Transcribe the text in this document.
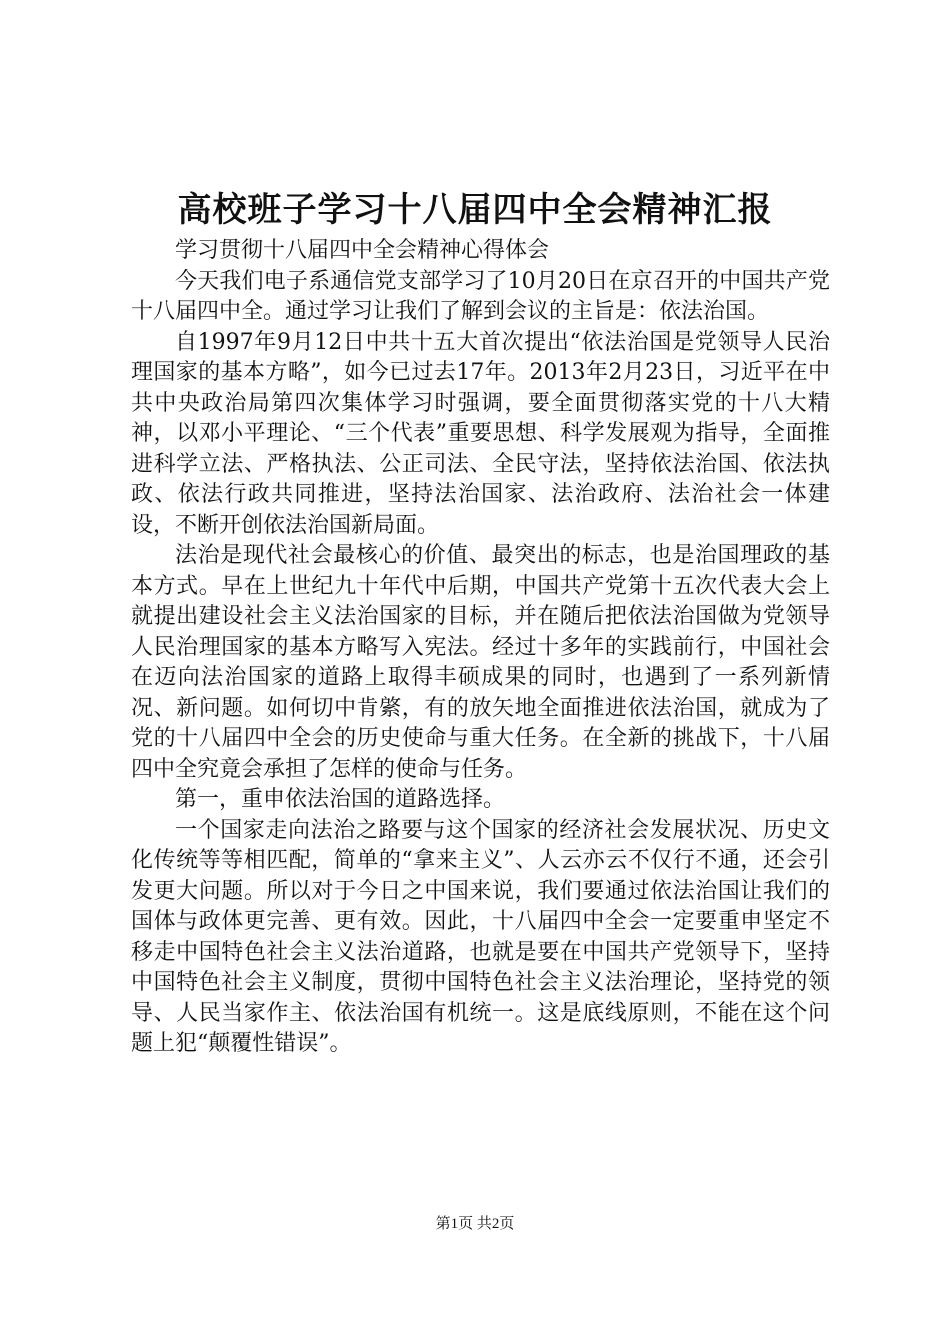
高校班子学习十八届四中全会精神汇报

学习贯彻十八届四中全会精神心得体会

今天我们电子系通信党支部学习了10月20日在京召开的中国共产党十八届四中全。通过学习让我们了解到会议的主旨是：依法治国。

自1997年9月12日中共十五大首次提出“依法治国是党领导人民治理国家的基本方略”，如今已过去17年。2013年2月23日，习近平在中共中央政治局第四次集体学习时强调，要全面贯彻落实党的十八大精神，以邓小平理论、“三个代表”重要思想、科学发展观为指导，全面推进科学立法、严格执法、公正司法、全民守法，坚持依法治国、依法执政、依法行政共同推进，坚持法治国家、法治政府、法治社会一体建设，不断开创依法治国新局面。

法治是现代社会最核心的价值、最突出的标志，也是治国理政的基本方式。早在上世纪九十年代中后期，中国共产党第十五次代表大会上就提出建设社会主义法治国家的目标，并在随后把依法治国做为党领导人民治理国家的基本方略写入宪法。经过十多年的实践前行，中国社会在迈向法治国家的道路上取得丰硕成果的同时，也遇到了一系列新情况、新问题。如何切中肯綮，有的放矢地全面推进依法治国，就成为了党的十八届四中全会的历史使命与重大任务。在全新的挑战下，十八届四中全究竟会承担了怎样的使命与任务。

第一，重申依法治国的道路选择。

一个国家走向法治之路要与这个国家的经济社会发展状况、历史文化传统等等相匹配，简单的“拿来主义”、人云亦云不仅行不通，还会引发更大问题。所以对于今日之中国来说，我们要通过依法治国让我们的国体与政体更完善、更有效。因此，十八届四中全会一定要重申坚定不移走中国特色社会主义法治道路，也就是要在中国共产党领导下，坚持中国特色社会主义制度，贯彻中国特色社会主义法治理论，坚持党的领导、人民当家作主、依法治国有机统一。这是底线原则，不能在这个问题上犯“颠覆性错误”。

第1页 共2页
